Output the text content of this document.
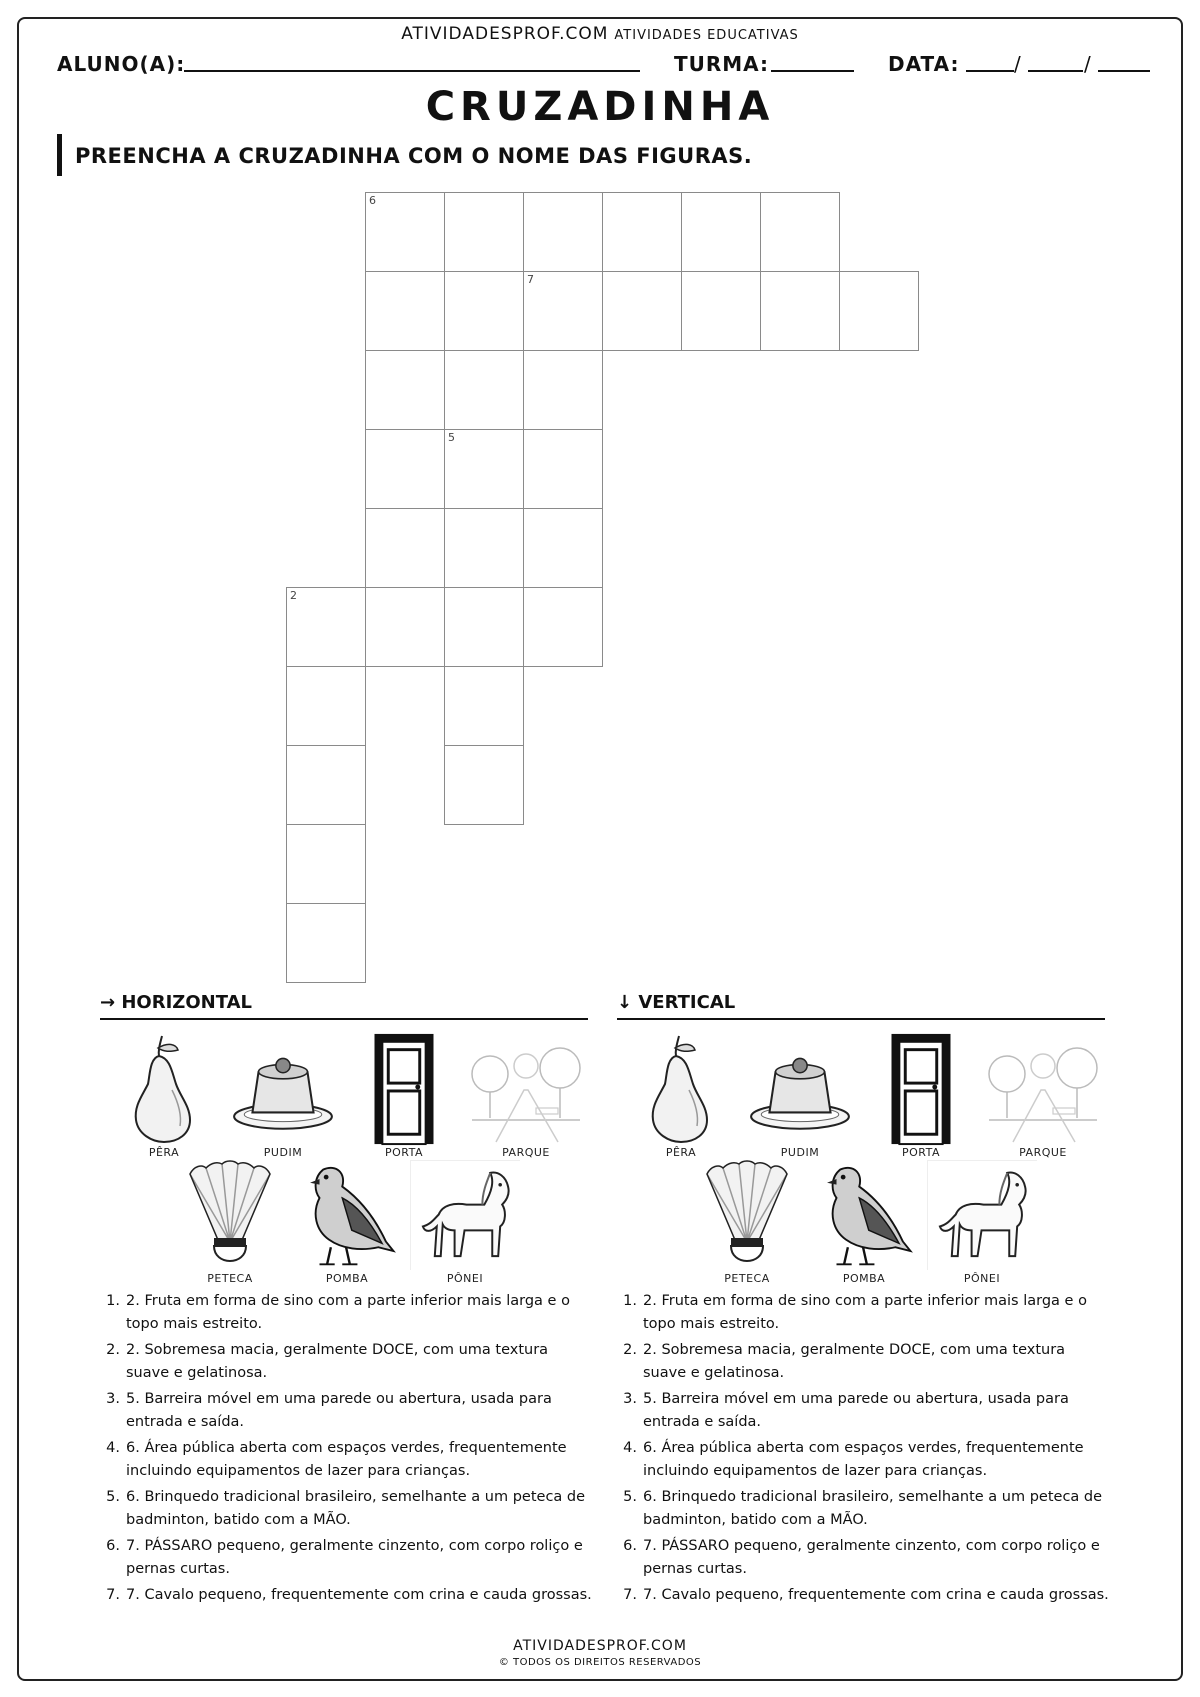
ATIVIDADESPROF.COM ATIVIDADES EDUCATIVAS
ALUNO(A):	TURMA:	DATA:	/	/
CRUZADINHA
PREENCHA A CRUZADINHA COM O NOME DAS FIGURAS.
6
7
5
2
→ HORIZONTAL	↓ VERTICAL
PÊRA	PUDIM	PORTA	PARQUE
PETECA	POMBA	PÔNEI
PÊRA	PUDIM	PORTA	PARQUE
PETECA	POMBA	PÔNEI
1. 2. Fruta em forma de sino com a parte inferior mais larga e o topo mais estreito.
2. 2. Sobremesa macia, geralmente DOCE, com uma textura suave e gelatinosa.
3. 5. Barreira móvel em uma parede ou abertura, usada para entrada e saída.
4. 6. Área pública aberta com espaços verdes, frequentemente incluindo equipamentos de lazer para crianças.
5. 6. Brinquedo tradicional brasileiro, semelhante a um peteca de badminton, batido com a MÃO.
6. 7. PÁSSARO pequeno, geralmente cinzento, com corpo roliço e pernas curtas.
7. 7. Cavalo pequeno, frequentemente com crina e cauda grossas.
1. 2. Fruta em forma de sino com a parte inferior mais larga e o topo mais estreito.
2. 2. Sobremesa macia, geralmente DOCE, com uma textura suave e gelatinosa.
3. 5. Barreira móvel em uma parede ou abertura, usada para entrada e saída.
4. 6. Área pública aberta com espaços verdes, frequentemente incluindo equipamentos de lazer para crianças.
5. 6. Brinquedo tradicional brasileiro, semelhante a um peteca de badminton, batido com a MÃO.
6. 7. PÁSSARO pequeno, geralmente cinzento, com corpo roliço e pernas curtas.
7. 7. Cavalo pequeno, frequentemente com crina e cauda grossas.
ATIVIDADESPROF.COM
© TODOS OS DIREITOS RESERVADOS
